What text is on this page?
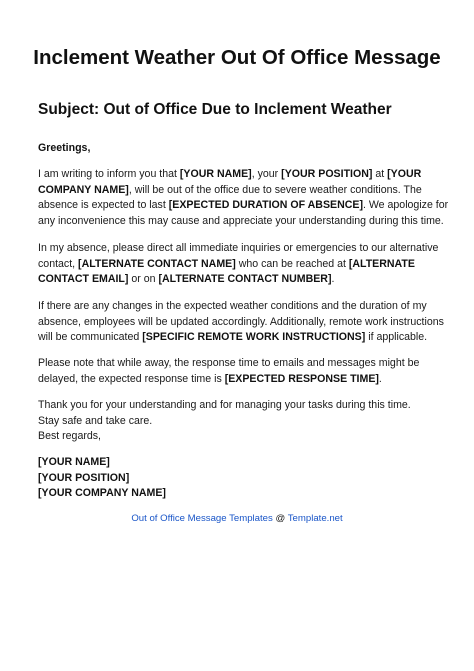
Inclement Weather Out Of Office Message
Subject: Out of Office Due to Inclement Weather
Greetings,
I am writing to inform you that [YOUR NAME], your [YOUR POSITION] at [YOUR
COMPANY NAME], will be out of the office due to severe weather conditions. The
absence is expected to last [EXPECTED DURATION OF ABSENCE]. We apologize for
any inconvenience this may cause and appreciate your understanding during this time.
In my absence, please direct all immediate inquiries or emergencies to our alternative
contact, [ALTERNATE CONTACT NAME] who can be reached at [ALTERNATE
CONTACT EMAIL] or on [ALTERNATE CONTACT NUMBER].
If there are any changes in the expected weather conditions and the duration of my
absence, employees will be updated accordingly. Additionally, remote work instructions
will be communicated [SPECIFIC REMOTE WORK INSTRUCTIONS] if applicable.
Please note that while away, the response time to emails and messages might be
delayed, the expected response time is [EXPECTED RESPONSE TIME].
Thank you for your understanding and for managing your tasks during this time.
Stay safe and take care.
Best regards,
[YOUR NAME]
[YOUR POSITION]
[YOUR COMPANY NAME]
Out of Office Message Templates @ Template.net
